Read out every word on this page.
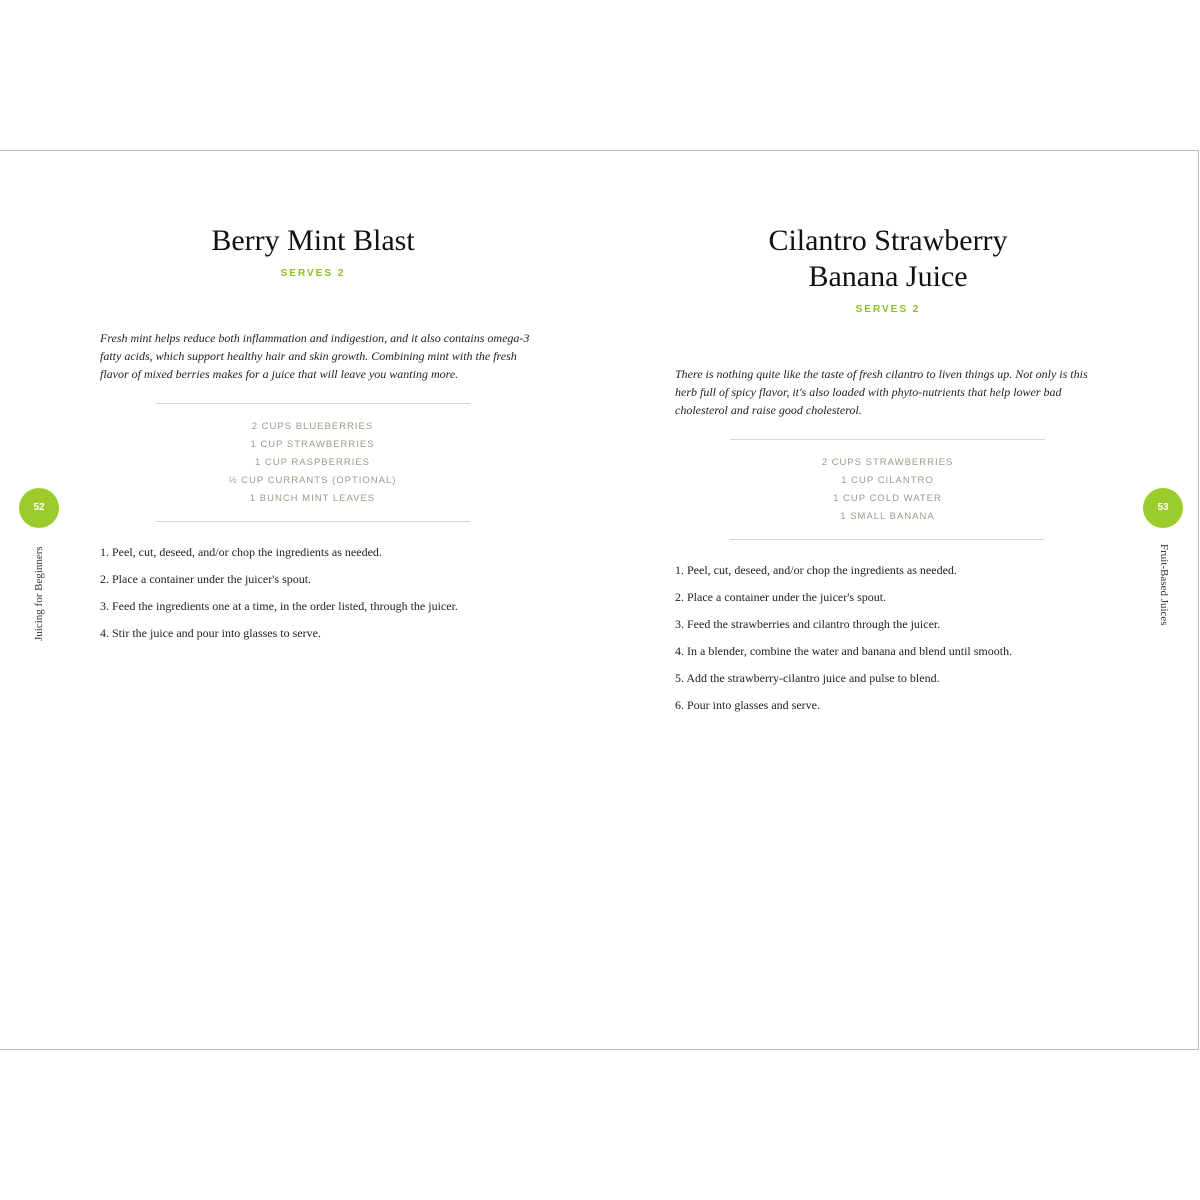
Berry Mint Blast
SERVES 2

Fresh mint helps reduce both inflammation and indigestion, and it also contains omega-3 fatty acids, which support healthy hair and skin growth. Combining mint with the fresh flavor of mixed berries makes for a juice that will leave you wanting more.

2 CUPS BLUEBERRIES
1 CUP STRAWBERRIES
1 CUP RASPBERRIES
½ CUP CURRANTS (OPTIONAL)
1 BUNCH MINT LEAVES
1. Peel, cut, deseed, and/or chop the ingredients as needed.
2. Place a container under the juicer's spout.
3. Feed the ingredients one at a time, in the order listed, through the juicer.
4. Stir the juice and pour into glasses to serve.
52
Juicing for Beginners
Cilantro Strawberry
Banana Juice
SERVES 2

There is nothing quite like the taste of fresh cilantro to liven things up. Not only is this herb full of spicy flavor, it's also loaded with phyto-nutrients that help lower bad cholesterol and raise good cholesterol.

2 CUPS STRAWBERRIES
1 CUP CILANTRO
1 CUP COLD WATER
1 SMALL BANANA
1. Peel, cut, deseed, and/or chop the ingredients as needed.
2. Place a container under the juicer's spout.
3. Feed the strawberries and cilantro through the juicer.
4. In a blender, combine the water and banana and blend until smooth.
5. Add the strawberry-cilantro juice and pulse to blend.
6. Pour into glasses and serve.
53
Fruit-Based Juices
